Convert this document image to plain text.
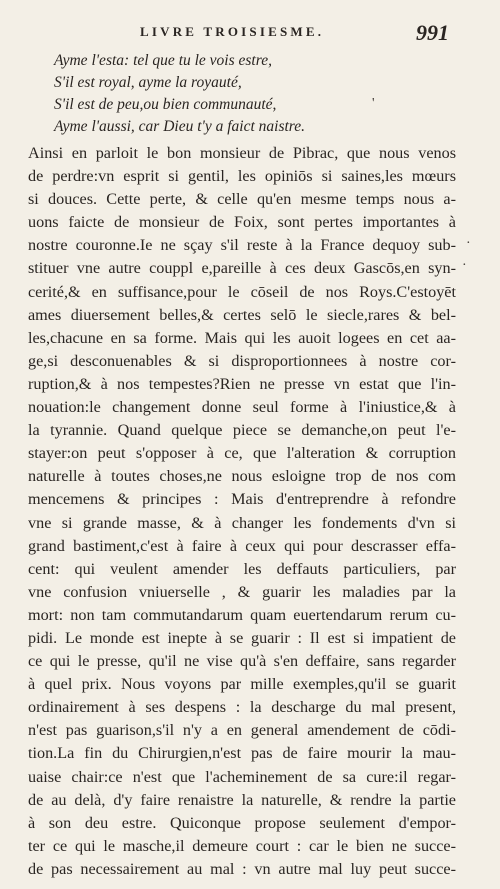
LIVRE TROISIESME.	991
Ayme l'esta: tel que tu le vois estre,
S'il est royal, ayme la royauté,
S'il est de peu,ou bien communauté,
Ayme l'aussi, car Dieu t'y a faict naistre.
Ainsi en parloit le bon monsieur de Pibrac, que nous venos
de perdre:vn esprit si gentil, les opiniōs si saines,les mœurs
si douces. Cette perte, & celle qu'en mesme temps nous a-
uons faicte de monsieur de Foix, sont pertes importantes à
nostre couronne.Ie ne sçay s'il reste à la France dequoy sub-
stituer vne autre couppl e,pareille à ces deux Gascōs,en syn-
cerité,& en suffisance,pour le cōseil de nos Roys.C'estoyēt
ames diuersement belles,& certes selō le siecle,rares & bel-
les,chacune en sa forme. Mais qui les auoit logees en cet aa-
ge,si desconuenables & si disproportionnees à nostre cor-
ruption,& à nos tempestes?Rien ne presse vn estat que l'in-
nouation:le changement donne seul forme à l'iniustice,& à
la tyrannie. Quand quelque piece se demanche,on peut l'e-
stayer:on peut s'opposer à ce, que l'alteration & corruption
naturelle à toutes choses,ne nous esloigne trop de nos com
mencemens & principes : Mais d'entreprendre à refondre
vne si grande masse, & à changer les fondements d'vn si
grand bastiment,c'est à faire à ceux qui pour descrasser effa-
cent: qui veulent amender les deffauts particuliers, par
vne confusion vniuerselle , & guarir les maladies par la
mort: non tam commutandarum quam euertendarum rerum cu-
pidi. Le monde est inepte à se guarir : Il est si impatient de
ce qui le presse, qu'il ne vise qu'à s'en deffaire, sans regarder
à quel prix. Nous voyons par mille exemples,qu'il se guarit
ordinairement à ses despens : la descharge du mal present,
n'est pas guarison,s'il n'y a en general amendement de cōdi-
tion.La fin du Chirurgien,n'est pas de faire mourir la mau-
uaise chair:ce n'est que l'acheminement de sa cure:il regar-
de au delà, d'y faire renaistre la naturelle, & rendre la partie
à son deu estre. Quiconque propose seulement d'empor-
ter ce qui le masche,il demeure court : car le bien ne succe-
de pas necessairement au mal : vn autre mal luy peut succe-
·
·
'
